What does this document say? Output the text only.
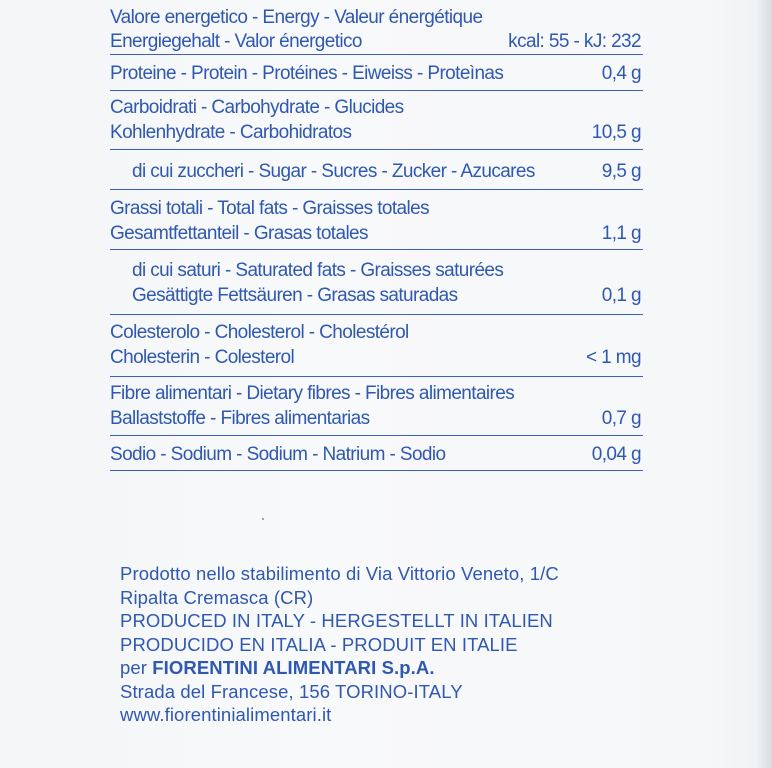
Valore energetico - Energy - Valeur énergétique
Energiegehalt - Valor énergetico	kcal: 55 - kJ: 232
Proteine - Protein - Protéines - Eiweiss - Proteìnas	0,4 g
Carboidrati - Carbohydrate - Glucides
Kohlenhydrate - Carbohidratos	10,5 g
di cui zuccheri - Sugar - Sucres - Zucker - Azucares	9,5 g
Grassi totali - Total fats - Graisses totales
Gesamtfettanteil - Grasas totales	1,1 g
di cui saturi - Saturated fats - Graisses saturées
Gesättigte Fettsäuren - Grasas saturadas	0,1 g
Colesterolo - Cholesterol - Cholestérol
Cholesterin - Colesterol	< 1 mg
Fibre alimentari - Dietary fibres - Fibres alimentaires
Ballaststoffe - Fibres alimentarias	0,7 g
Sodio - Sodium - Sodium - Natrium - Sodio	0,04 g
Prodotto nello stabilimento di Via Vittorio Veneto, 1/C
Ripalta Cremasca (CR)
PRODUCED IN ITALY - HERGESTELLT IN ITALIEN
PRODUCIDO EN ITALIA - PRODUIT EN ITALIE
per FIORENTINI ALIMENTARI S.p.A.
Strada del Francese, 156 TORINO-ITALY
www.fiorentinialimentari.it
